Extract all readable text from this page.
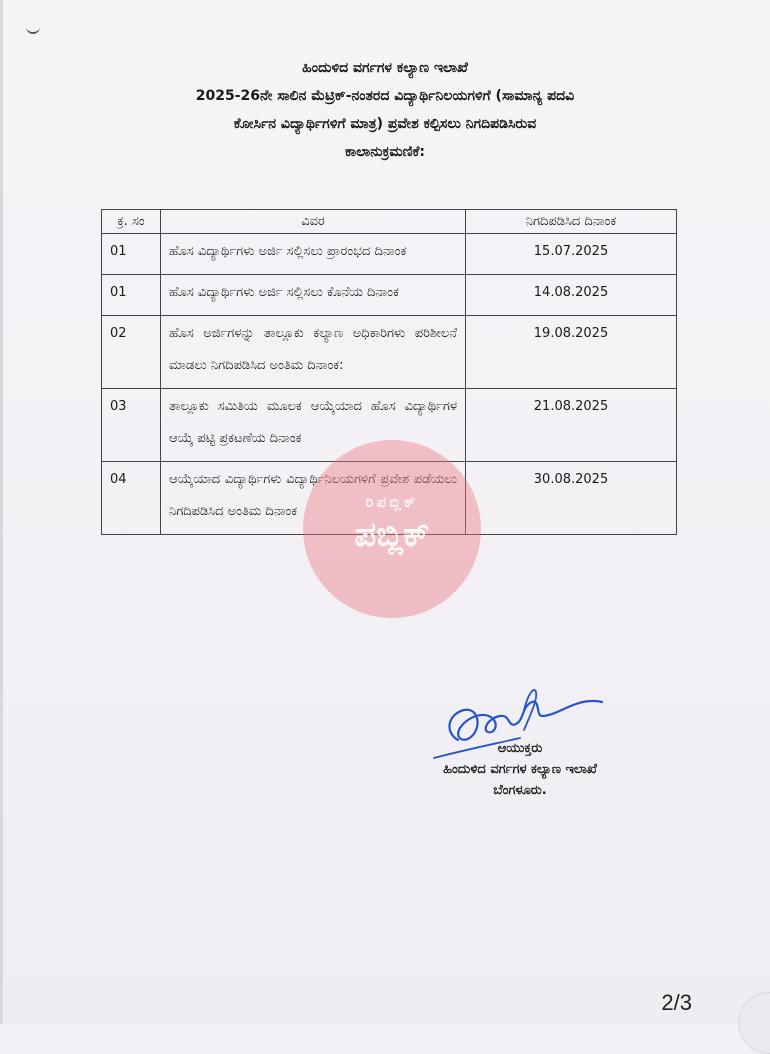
ಹಿಂದುಳಿದ ವರ್ಗಗಳ ಕಲ್ಯಾಣ ಇಲಾಖೆ
2025-26ನೇ ಸಾಲಿನ ಮೆಟ್ರಿಕ್-ನಂತರದ ವಿದ್ಯಾರ್ಥಿನಿಲಯಗಳಿಗೆ (ಸಾಮಾನ್ಯ ಪದವಿ
ಕೋರ್ಸಿನ ವಿದ್ಯಾರ್ಥಿಗಳಿಗೆ ಮಾತ್ರ) ಪ್ರವೇಶ ಕಲ್ಪಿಸಲು ನಿಗದಿಪಡಿಸಿರುವ
ಕಾಲಾನುಕ್ರಮಣಿಕೆ:
ಕ್ರ. ಸಂ	ವಿವರ	ನಿಗದಿಪಡಿಸಿದ ದಿನಾಂಕ
01	ಹೊಸ ವಿದ್ಯಾರ್ಥಿಗಳು ಅರ್ಜಿ ಸಲ್ಲಿಸಲು ಪ್ರಾರಂಭದ ದಿನಾಂಕ	15.07.2025
01	ಹೊಸ ವಿದ್ಯಾರ್ಥಿಗಳು ಅರ್ಜಿ ಸಲ್ಲಿಸಲು ಕೊನೆಯ ದಿನಾಂಕ	14.08.2025
02	ಹೊಸ ಅರ್ಜಿಗಳನ್ನು ತಾಲ್ಲೂಕು ಕಲ್ಯಾಣ ಅಧಿಕಾರಿಗಳು ಪರಿಶೀಲನೆ ಮಾಡಲು ನಿಗದಿಪಡಿಸಿದ ಅಂತಿಮ ದಿನಾಂಕ:	19.08.2025
03	ತಾಲ್ಲೂಕು ಸಮಿತಿಯ ಮೂಲಕ ಆಯ್ಕೆಯಾದ ಹೊಸ ವಿದ್ಯಾರ್ಥಿಗಳ ಆಯ್ಕೆ ಪಟ್ಟಿ ಪ್ರಕಟಣೆಯ ದಿನಾಂಕ	21.08.2025
04	ಆಯ್ಕೆಯಾದ ವಿದ್ಯಾರ್ಥಿಗಳು ವಿದ್ಯಾರ್ಥಿನಿಲಯಗಳಿಗೆ ಪ್ರವೇಶ ಪಡೆಯಲು ನಿಗದಿಪಡಿಸಿದ ಅಂತಿಮ ದಿನಾಂಕ	30.08.2025
ರಿಪಬ್ಲಿಕ್
ಪಬ್ಲಿಕ್
ಆಯುಕ್ತರು
ಹಿಂದುಳಿದ ವರ್ಗಗಳ ಕಲ್ಯಾಣ ಇಲಾಖೆ
ಬೆಂಗಳೂರು.
2/3
